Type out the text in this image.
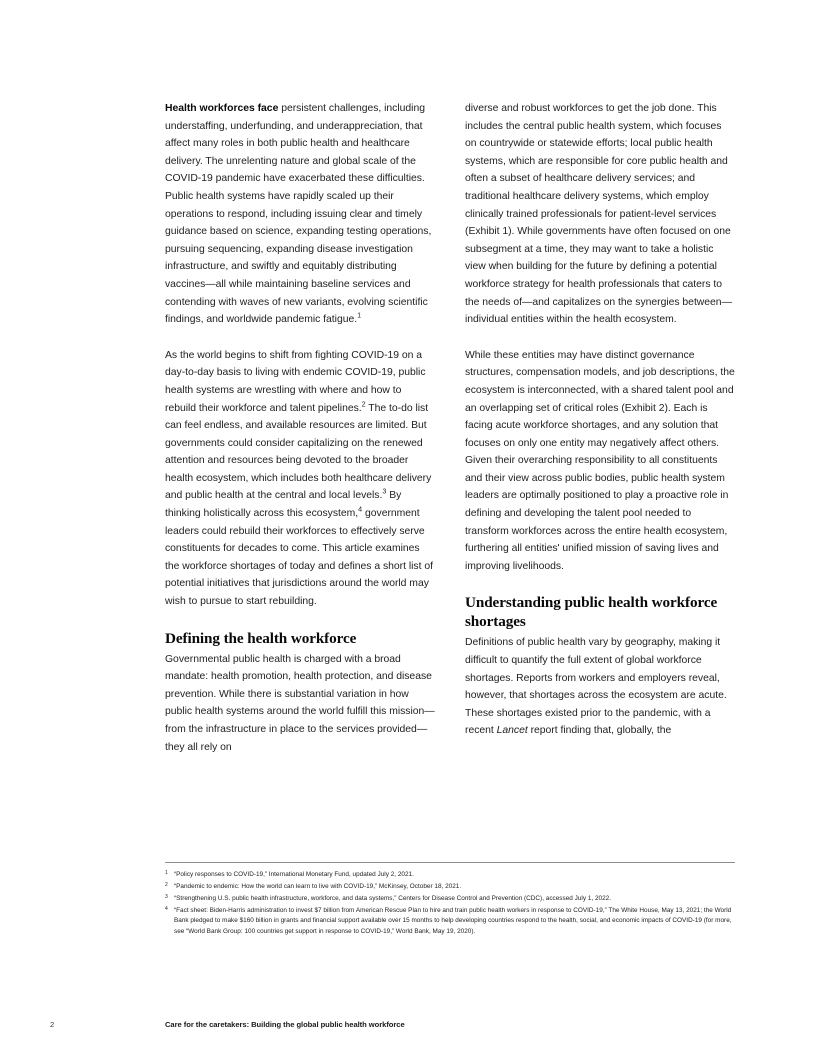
Health workforces face persistent challenges, including understaffing, underfunding, and underappreciation, that affect many roles in both public health and healthcare delivery. The unrelenting nature and global scale of the COVID-19 pandemic have exacerbated these difficulties. Public health systems have rapidly scaled up their operations to respond, including issuing clear and timely guidance based on science, expanding testing operations, pursuing sequencing, expanding disease investigation infrastructure, and swiftly and equitably distributing vaccines—all while maintaining baseline services and contending with waves of new variants, evolving scientific findings, and worldwide pandemic fatigue.$^1$

As the world begins to shift from fighting COVID-19 on a day-to-day basis to living with endemic COVID-19, public health systems are wrestling with where and how to rebuild their workforce and talent pipelines.$^2$ The to-do list can feel endless, and available resources are limited. But governments could consider capitalizing on the renewed attention and resources being devoted to the broader health ecosystem, which includes both healthcare delivery and public health at the central and local levels.$^3$ By thinking holistically across this ecosystem,$^4$ government leaders could rebuild their workforces to effectively serve constituents for decades to come. This article examines the workforce shortages of today and defines a short list of potential initiatives that jurisdictions around the world may wish to pursue to start rebuilding.

Defining the health workforce

Governmental public health is charged with a broad mandate: health promotion, health protection, and disease prevention. While there is substantial variation in how public health systems around the world fulfill this mission—from the infrastructure in place to the services provided—they all rely on

diverse and robust workforces to get the job done. This includes the central public health system, which focuses on countrywide or statewide efforts; local public health systems, which are responsible for core public health and often a subset of healthcare delivery services; and traditional healthcare delivery systems, which employ clinically trained professionals for patient-level services (Exhibit 1). While governments have often focused on one subsegment at a time, they may want to take a holistic view when building for the future by defining a potential workforce strategy for health professionals that caters to the needs of—and capitalizes on the synergies between—individual entities within the health ecosystem.

While these entities may have distinct governance structures, compensation models, and job descriptions, the ecosystem is interconnected, with a shared talent pool and an overlapping set of critical roles (Exhibit 2). Each is facing acute workforce shortages, and any solution that focuses on only one entity may negatively affect others. Given their overarching responsibility to all constituents and their view across public bodies, public health system leaders are optimally positioned to play a proactive role in defining and developing the talent pool needed to transform workforces across the entire health ecosystem, furthering all entities' unified mission of saving lives and improving livelihoods.

Understanding public health workforce shortages

Definitions of public health vary by geography, making it difficult to quantify the full extent of global workforce shortages. Reports from workers and employers reveal, however, that shortages across the ecosystem are acute. These shortages existed prior to the pandemic, with a recent Lancet report finding that, globally, the

1 “Policy responses to COVID-19,” International Monetary Fund, updated July 2, 2021.

2 “Pandemic to endemic: How the world can learn to live with COVID-19,” McKinsey, October 18, 2021.

3 “Strengthening U.S. public health infrastructure, workforce, and data systems,” Centers for Disease Control and Prevention (CDC), accessed July 1, 2022.

4 “Fact sheet: Biden-Harris administration to invest $7 billion from American Rescue Plan to hire and train public health workers in response to COVID-19,” The White House, May 13, 2021; the World Bank pledged to make $160 billion in grants and financial support available over 15 months to help developing countries respond to the health, social, and economic impacts of COVID-19 (for more, see “World Bank Group: 100 countries get support in response to COVID-19,” World Bank, May 19, 2020).

2	Care for the caretakers: Building the global public health workforce
